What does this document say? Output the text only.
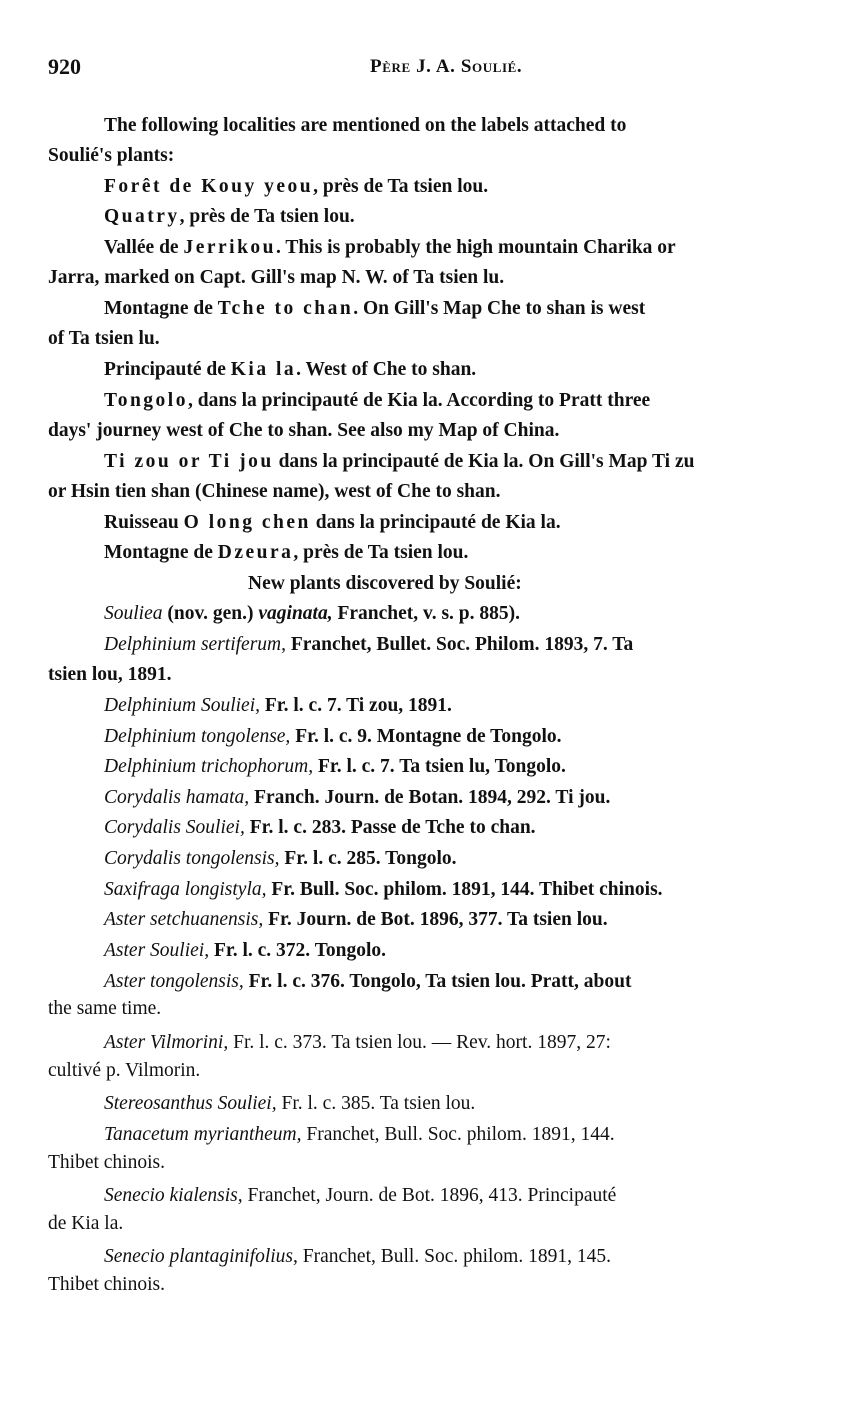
920	Père J. A. Soulié.
The following localities are mentioned on the labels attached to
Soulié's plants:
Forêt de Kouy yeou, près de Ta tsien lou.
Quatry, près de Ta tsien lou.
Vallée de Jerrikou. This is probably the high mountain Charika or
Jarra, marked on Capt. Gill's map N. W. of Ta tsien lu.
Montagne de Tche to chan. On Gill's Map Che to shan is west
of Ta tsien lu.
Principauté de Kia la. West of Che to shan.
Tongolo, dans la principauté de Kia la. According to Pratt three
days' journey west of Che to shan. See also my Map of China.
Ti zou or Ti jou dans la principauté de Kia la. On Gill's Map Ti zu
or Hsin tien shan (Chinese name), west of Che to shan.
Ruisseau O long chen dans la principauté de Kia la.
Montagne de Dzeura, près de Ta tsien lou.
New plants discovered by Soulié:
Souliea (nov. gen.) vaginata, Franchet, v. s. p. 885).
Delphinium sertiferum, Franchet, Bullet. Soc. Philom. 1893, 7. Ta
tsien lou, 1891.
Delphinium Souliei, Fr. l. c. 7. Ti zou, 1891.
Delphinium tongolense, Fr. l. c. 9. Montagne de Tongolo.
Delphinium trichophorum, Fr. l. c. 7. Ta tsien lu, Tongolo.
Corydalis hamata, Franch. Journ. de Botan. 1894, 292. Ti jou.
Corydalis Souliei, Fr. l. c. 283. Passe de Tche to chan.
Corydalis tongolensis, Fr. l. c. 285. Tongolo.
Saxifraga longistyla, Fr. Bull. Soc. philom. 1891, 144. Thibet chinois.
Aster setchuanensis, Fr. Journ. de Bot. 1896, 377. Ta tsien lou.
Aster Souliei, Fr. l. c. 372. Tongolo.
Aster tongolensis, Fr. l. c. 376. Tongolo, Ta tsien lou. Pratt, about
the same time.
Aster Vilmorini, Fr. l. c. 373. Ta tsien lou. — Rev. hort. 1897, 27:
cultivé p. Vilmorin.
Stereosanthus Souliei, Fr. l. c. 385. Ta tsien lou.
Tanacetum myriantheum, Franchet, Bull. Soc. philom. 1891, 144.
Thibet chinois.
Senecio kialensis, Franchet, Journ. de Bot. 1896, 413. Principauté
de Kia la.
Senecio plantaginifolius, Franchet, Bull. Soc. philom. 1891, 145.
Thibet chinois.
